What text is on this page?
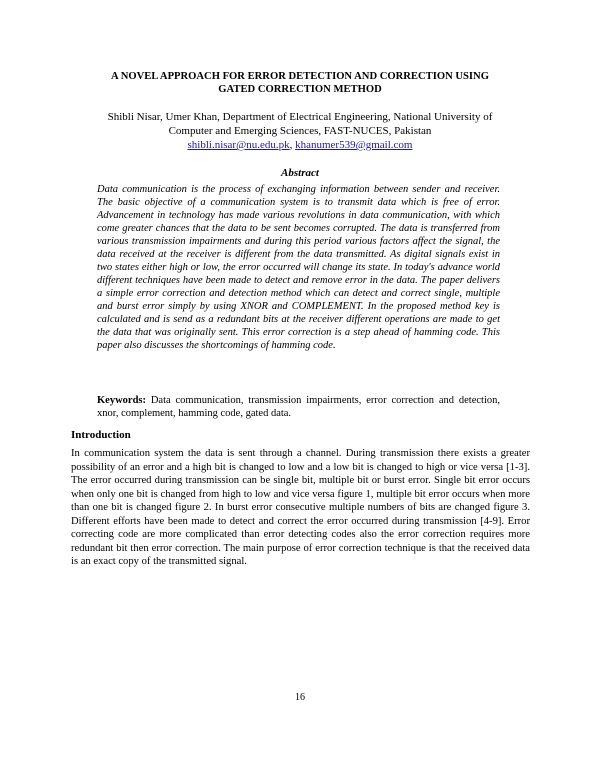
A NOVEL APPROACH FOR ERROR DETECTION AND CORRECTION USING
GATED CORRECTION METHOD
Shibli Nisar, Umer Khan, Department of Electrical Engineering, National University of
Computer and Emerging Sciences, FAST-NUCES, Pakistan
shibli.nisar@nu.edu.pk, khanumer539@gmail.com
Abstract

Data communication is the process of exchanging information between sender and receiver. The basic objective of a communication system is to transmit data which is free of error. Advancement in technology has made various revolutions in data communication, with which come greater chances that the data to be sent becomes corrupted. The data is transferred from various transmission impairments and during this period various factors affect the signal, the data received at the receiver is different from the data transmitted. As digital signals exist in two states either high or low, the error occurred will change its state. In today's advance world different techniques have been made to detect and remove error in the data. The paper delivers a simple error correction and detection method which can detect and correct single, multiple and burst error simply by using XNOR and COMPLEMENT. In the proposed method key is calculated and is send as a redundant bits at the receiver different operations are made to get the data that was originally sent. This error correction is a step ahead of hamming code. This paper also discusses the shortcomings of hamming code.

Keywords: Data communication, transmission impairments, error correction and detection, xnor, complement, hamming code, gated data.

Introduction

In communication system the data is sent through a channel. During transmission there exists a greater possibility of an error and a high bit is changed to low and a low bit is changed to high or vice versa [1-3]. The error occurred during transmission can be single bit, multiple bit or burst error. Single bit error occurs when only one bit is changed from high to low and vice versa figure 1, multiple bit error occurs when more than one bit is changed figure 2. In burst error consecutive multiple numbers of bits are changed figure 3. Different efforts have been made to detect and correct the error occurred during transmission [4-9]. Error correcting code are more complicated than error detecting codes also the error correction requires more redundant bit then error correction. The main purpose of error correction technique is that the received data is an exact copy of the transmitted signal.

16
